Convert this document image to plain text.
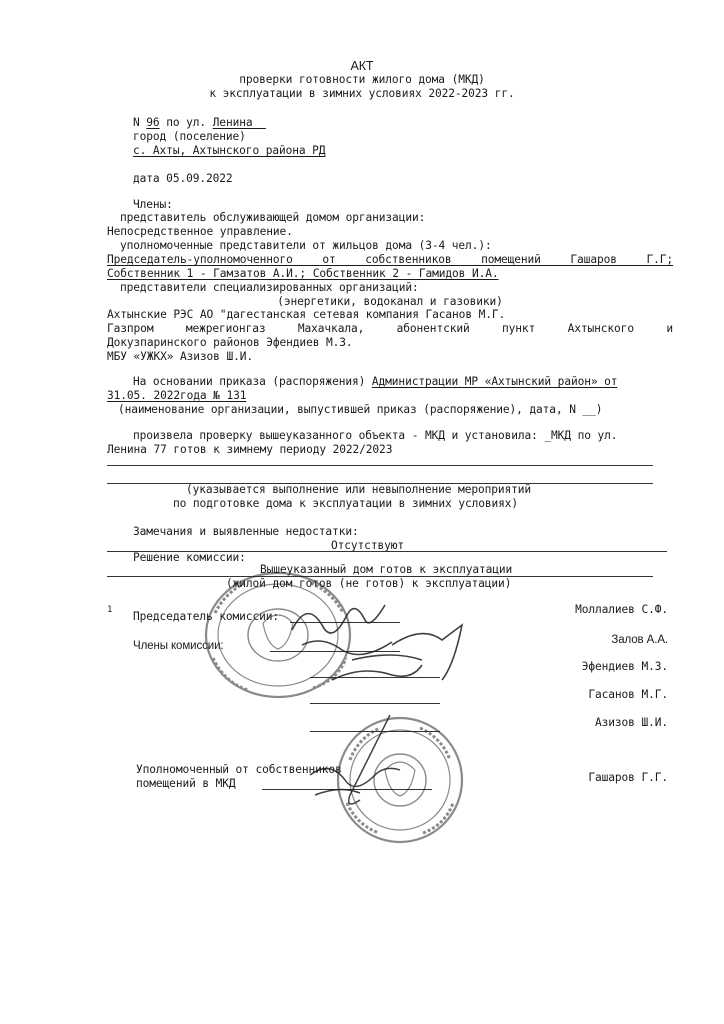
АКТ
проверки готовности жилого дома (МКД)
к эксплуатации в зимних условиях 2022-2023 гг.
N 96 по ул. Ленина
город (поселение)
с. Ахты, Ахтынского района РД
дата 05.09.2022
Члены:
представитель обслуживающей домом организации:
Непосредственное управление.
уполномоченные представители от жильцов дома (3-4 чел.):
Председатель-уполномоченного от собственников помещений Гашаров Г.Г;
Собственник 1 - Гамзатов А.И.; Собственник 2 - Гамидов И.А.
представители специализированных организаций:
(энергетики, водоканал и газовики)
Ахтынские РЭС АО "дагестанская сетевая компания Гасанов М.Г.
Газпром межрегионгаз Махачкала, абонентский пункт Ахтынского и
Докузпаринского районов Эфендиев М.З.
МБУ «УЖКХ» Азизов Ш.И.
На основании приказа (распоряжения) Администрации МР «Ахтынский район» от
31.05. 2022года № 131
(наименование организации, выпустившей приказ (распоряжение), дата, N __)
произвела проверку вышеуказанного объекта - МКД и установила: _МКД по ул.
Ленина 77 готов к зимнему периоду 2022/2023
(указывается выполнение или невыполнение мероприятий
по подготовке дома к эксплуатации в зимних условиях)
Замечания и выявленные недостатки:
Отсутствуют
Решение комиссии:
Вышеуказанный дом готов к эксплуатации
(жилой дом готов (не готов) к эксплуатации)
1 Председатель комиссии:
Моллалиев С.Ф.
Члены комиссии:	Залов А.А.
Эфендиев М.З.
Гасанов М.Г.
Азизов Ш.И.
Уполномоченный от собственников
помещений в МКД	Гашаров Г.Г.
